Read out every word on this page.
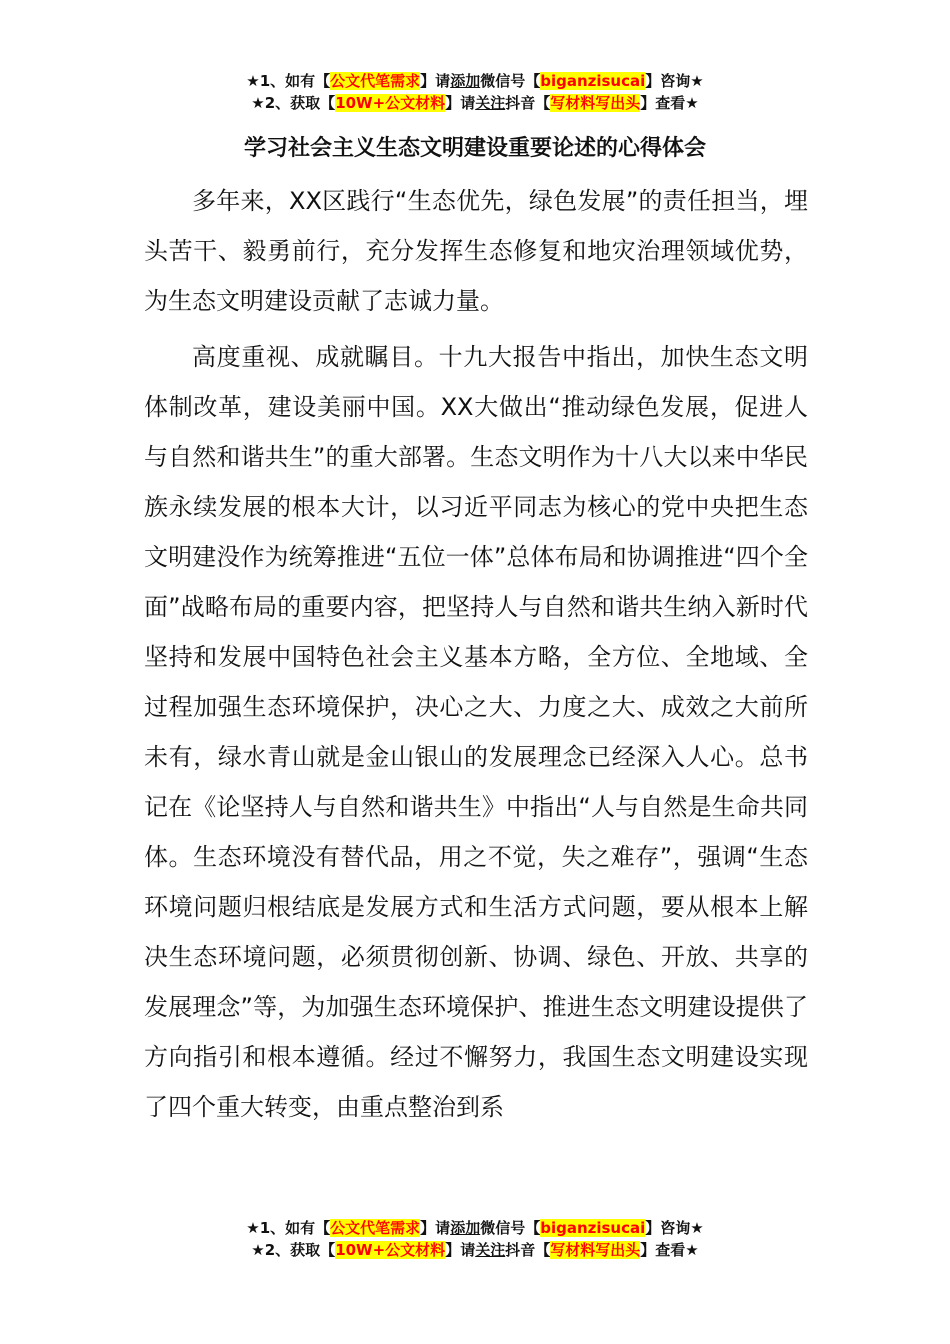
★1、如有【公文代笔需求】请添加微信号【biganzisucai】咨询★
★2、获取【10W+公文材料】请关注抖音【写材料写出头】查看★
学习社会主义生态文明建设重要论述的心得体会

多年来，XX区践行“生态优先，绿色发展”的责任担当，埋头苦干、毅勇前行，充分发挥生态修复和地灾治理领域优势，为生态文明建设贡献了志诚力量。

高度重视、成就瞩目。十九大报告中指出，加快生态文明体制改革，建设美丽中国。XX大做出“推动绿色发展，促进人与自然和谐共生”的重大部署。生态文明作为十八大以来中华民族永续发展的根本大计，以习近平同志为核心的党中央把生态文明建没作为统筹推进“五位一体”总体布局和协调推进“四个全面”战略布局的重要内容，把坚持人与自然和谐共生纳入新时代坚持和发展中国特色社会主义基本方略，全方位、全地域、全过程加强生态环境保护，决心之大、力度之大、成效之大前所未有，绿水青山就是金山银山的发展理念已经深入人心。总书记在《论坚持人与自然和谐共生》中指出“人与自然是生命共同体。生态环境没有替代品，用之不觉，失之难存”，强调“生态环境问题归根结底是发展方式和生活方式问题，要从根本上解决生态环境问题，必须贯彻创新、协调、绿色、开放、共享的发展理念”等，为加强生态环境保护、推进生态文明建设提供了方向指引和根本遵循。经过不懈努力，我国生态文明建设实现了四个重大转变，由重点整治到系

★1、如有【公文代笔需求】请添加微信号【biganzisucai】咨询★
★2、获取【10W+公文材料】请关注抖音【写材料写出头】查看★
